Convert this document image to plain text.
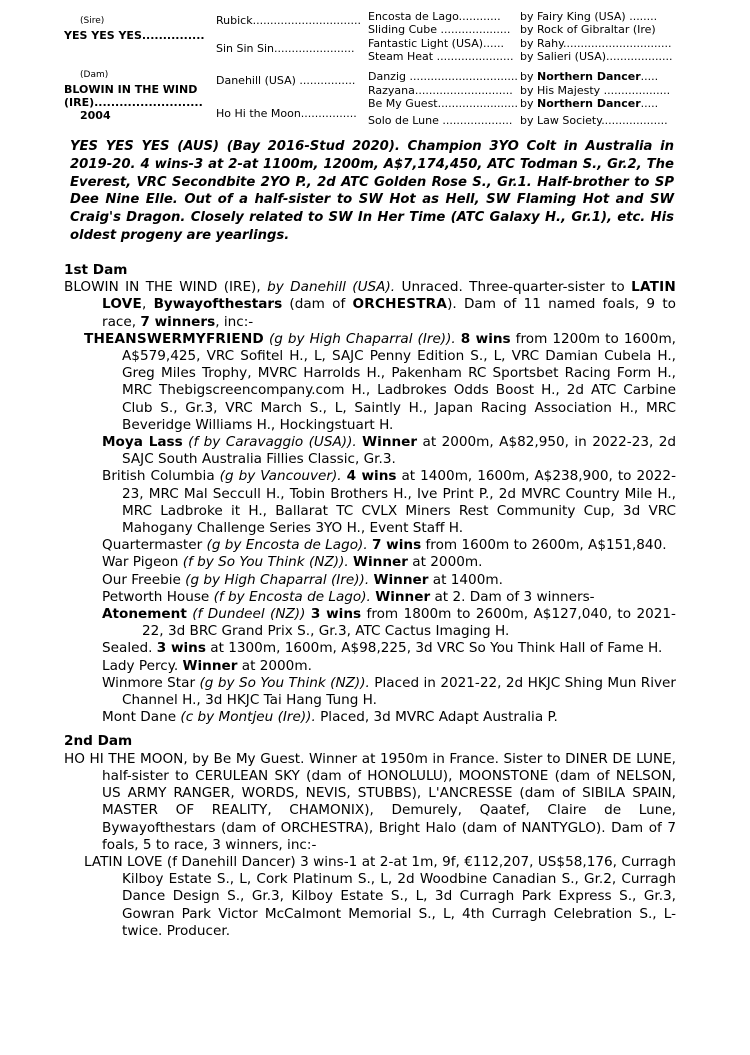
(Sire)
YES YES YES...............
(Dam)
BLOWIN IN THE WIND
(IRE)..........................
2004
Rubick...............................
Sin Sin Sin.......................
Danehill (USA) ................
Ho Hi the Moon................
Encosta de Lago............ by Fairy King (USA) ........
Sliding Cube .................... by Rock of Gibraltar (Ire)
Fantastic Light (USA)...... by Rahy...............................
Steam Heat ...................... by Salieri (USA)...................
Danzig ............................... by Northern Dancer.....
Razyana............................ by His Majesty ...................
Be My Guest....................... by Northern Dancer.....
Solo de Lune .................... by Law Society...................
YES YES YES (AUS) (Bay 2016-Stud 2020). Champion 3YO Colt in Australia in 2019-20. 4 wins-3 at 2-at 1100m, 1200m, A$7,174,450, ATC Todman S., Gr.2, The Everest, VRC Secondbite 2YO P., 2d ATC Golden Rose S., Gr.1. Half-brother to SP Dee Nine Elle. Out of a half-sister to SW Hot as Hell, SW Flaming Hot and SW Craig's Dragon. Closely related to SW In Her Time (ATC Galaxy H., Gr.1), etc. His oldest progeny are yearlings.
1st Dam

BLOWIN IN THE WIND (IRE), by Danehill (USA). Unraced. Three-quarter-sister to LATIN LOVE, Bywayofthestars (dam of ORCHESTRA). Dam of 11 named foals, 9 to race, 7 winners, inc:-

THEANSWERMYFRIEND (g by High Chaparral (Ire)). 8 wins from 1200m to 1600m, A$579,425, VRC Sofitel H., L, SAJC Penny Edition S., L, VRC Damian Cubela H., Greg Miles Trophy, MVRC Harrolds H., Pakenham RC Sportsbet Racing Form H., MRC Thebigscreencompany.com H., Ladbrokes Odds Boost H., 2d ATC Carbine Club S., Gr.3, VRC March S., L, Saintly H., Japan Racing Association H., MRC Beveridge Williams H., Hockingstuart H.

Moya Lass (f by Caravaggio (USA)). Winner at 2000m, A$82,950, in 2022-23, 2d SAJC South Australia Fillies Classic, Gr.3.

British Columbia (g by Vancouver). 4 wins at 1400m, 1600m, A$238,900, to 2022-23, MRC Mal Seccull H., Tobin Brothers H., Ive Print P., 2d MVRC Country Mile H., MRC Ladbroke it H., Ballarat TC CVLX Miners Rest Community Cup, 3d VRC Mahogany Challenge Series 3YO H., Event Staff H.

Quartermaster (g by Encosta de Lago). 7 wins from 1600m to 2600m, A$151,840.

War Pigeon (f by So You Think (NZ)). Winner at 2000m.

Our Freebie (g by High Chaparral (Ire)). Winner at 1400m.

Petworth House (f by Encosta de Lago). Winner at 2. Dam of 3 winners-

Atonement (f Dundeel (NZ)) 3 wins from 1800m to 2600m, A$127,040, to 2021-22, 3d BRC Grand Prix S., Gr.3, ATC Cactus Imaging H.

Sealed. 3 wins at 1300m, 1600m, A$98,225, 3d VRC So You Think Hall of Fame H.

Lady Percy. Winner at 2000m.

Winmore Star (g by So You Think (NZ)). Placed in 2021-22, 2d HKJC Shing Mun River Channel H., 3d HKJC Tai Hang Tung H.

Mont Dane (c by Montjeu (Ire)). Placed, 3d MVRC Adapt Australia P.

2nd Dam

HO HI THE MOON, by Be My Guest. Winner at 1950m in France. Sister to DINER DE LUNE, half-sister to CERULEAN SKY (dam of HONOLULU), MOONSTONE (dam of NELSON, US ARMY RANGER, WORDS, NEVIS, STUBBS), L'ANCRESSE (dam of SIBILA SPAIN, MASTER OF REALITY, CHAMONIX), Demurely, Qaatef, Claire de Lune, Bywayofthestars (dam of ORCHESTRA), Bright Halo (dam of NANTYGLO). Dam of 7 foals, 5 to race, 3 winners, inc:-

LATIN LOVE (f Danehill Dancer) 3 wins-1 at 2-at 1m, 9f, €112,207, US$58,176, Curragh Kilboy Estate S., L, Cork Platinum S., L, 2d Woodbine Canadian S., Gr.2, Curragh Dance Design S., Gr.3, Kilboy Estate S., L, 3d Curragh Park Express S., Gr.3, Gowran Park Victor McCalmont Memorial S., L, 4th Curragh Celebration S., L-twice. Producer.
